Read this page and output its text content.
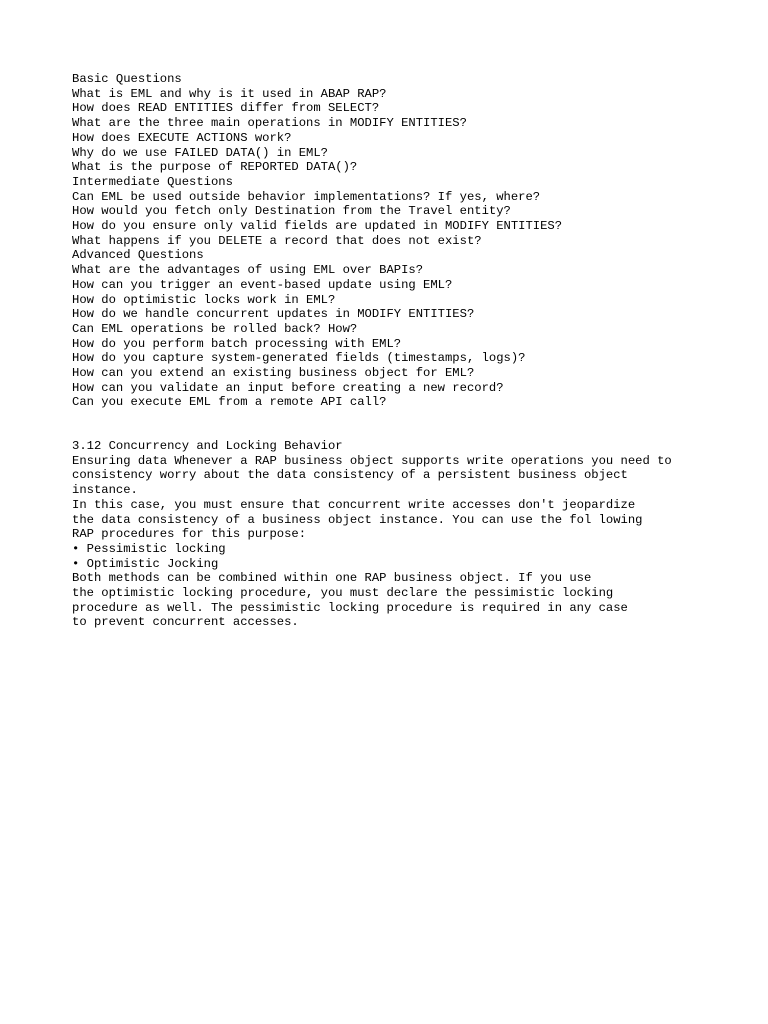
Basic Questions
What is EML and why is it used in ABAP RAP?
How does READ ENTITIES differ from SELECT?
What are the three main operations in MODIFY ENTITIES?
How does EXECUTE ACTIONS work?
Why do we use FAILED DATA() in EML?
What is the purpose of REPORTED DATA()?
Intermediate Questions
Can EML be used outside behavior implementations? If yes, where?
How would you fetch only Destination from the Travel entity?
How do you ensure only valid fields are updated in MODIFY ENTITIES?
What happens if you DELETE a record that does not exist?
Advanced Questions
What are the advantages of using EML over BAPIs?
How can you trigger an event-based update using EML?
How do optimistic locks work in EML?
How do we handle concurrent updates in MODIFY ENTITIES?
Can EML operations be rolled back? How?
How do you perform batch processing with EML?
How do you capture system-generated fields (timestamps, logs)?
How can you extend an existing business object for EML?
How can you validate an input before creating a new record?
Can you execute EML from a remote API call?
3.12 Concurrency and Locking Behavior
Ensuring data Whenever a RAP business object supports write operations you need to
consistency worry about the data consistency of a persistent business object
instance.
In this case, you must ensure that concurrent write accesses don't jeopardize
the data consistency of a business object instance. You can use the fol lowing
RAP procedures for this purpose:
• Pessimistic locking
• Optimistic Jocking
Both methods can be combined within one RAP business object. If you use
the optimistic locking procedure, you must declare the pessimistic locking
procedure as well. The pessimistic locking procedure is required in any case
to prevent concurrent accesses.
